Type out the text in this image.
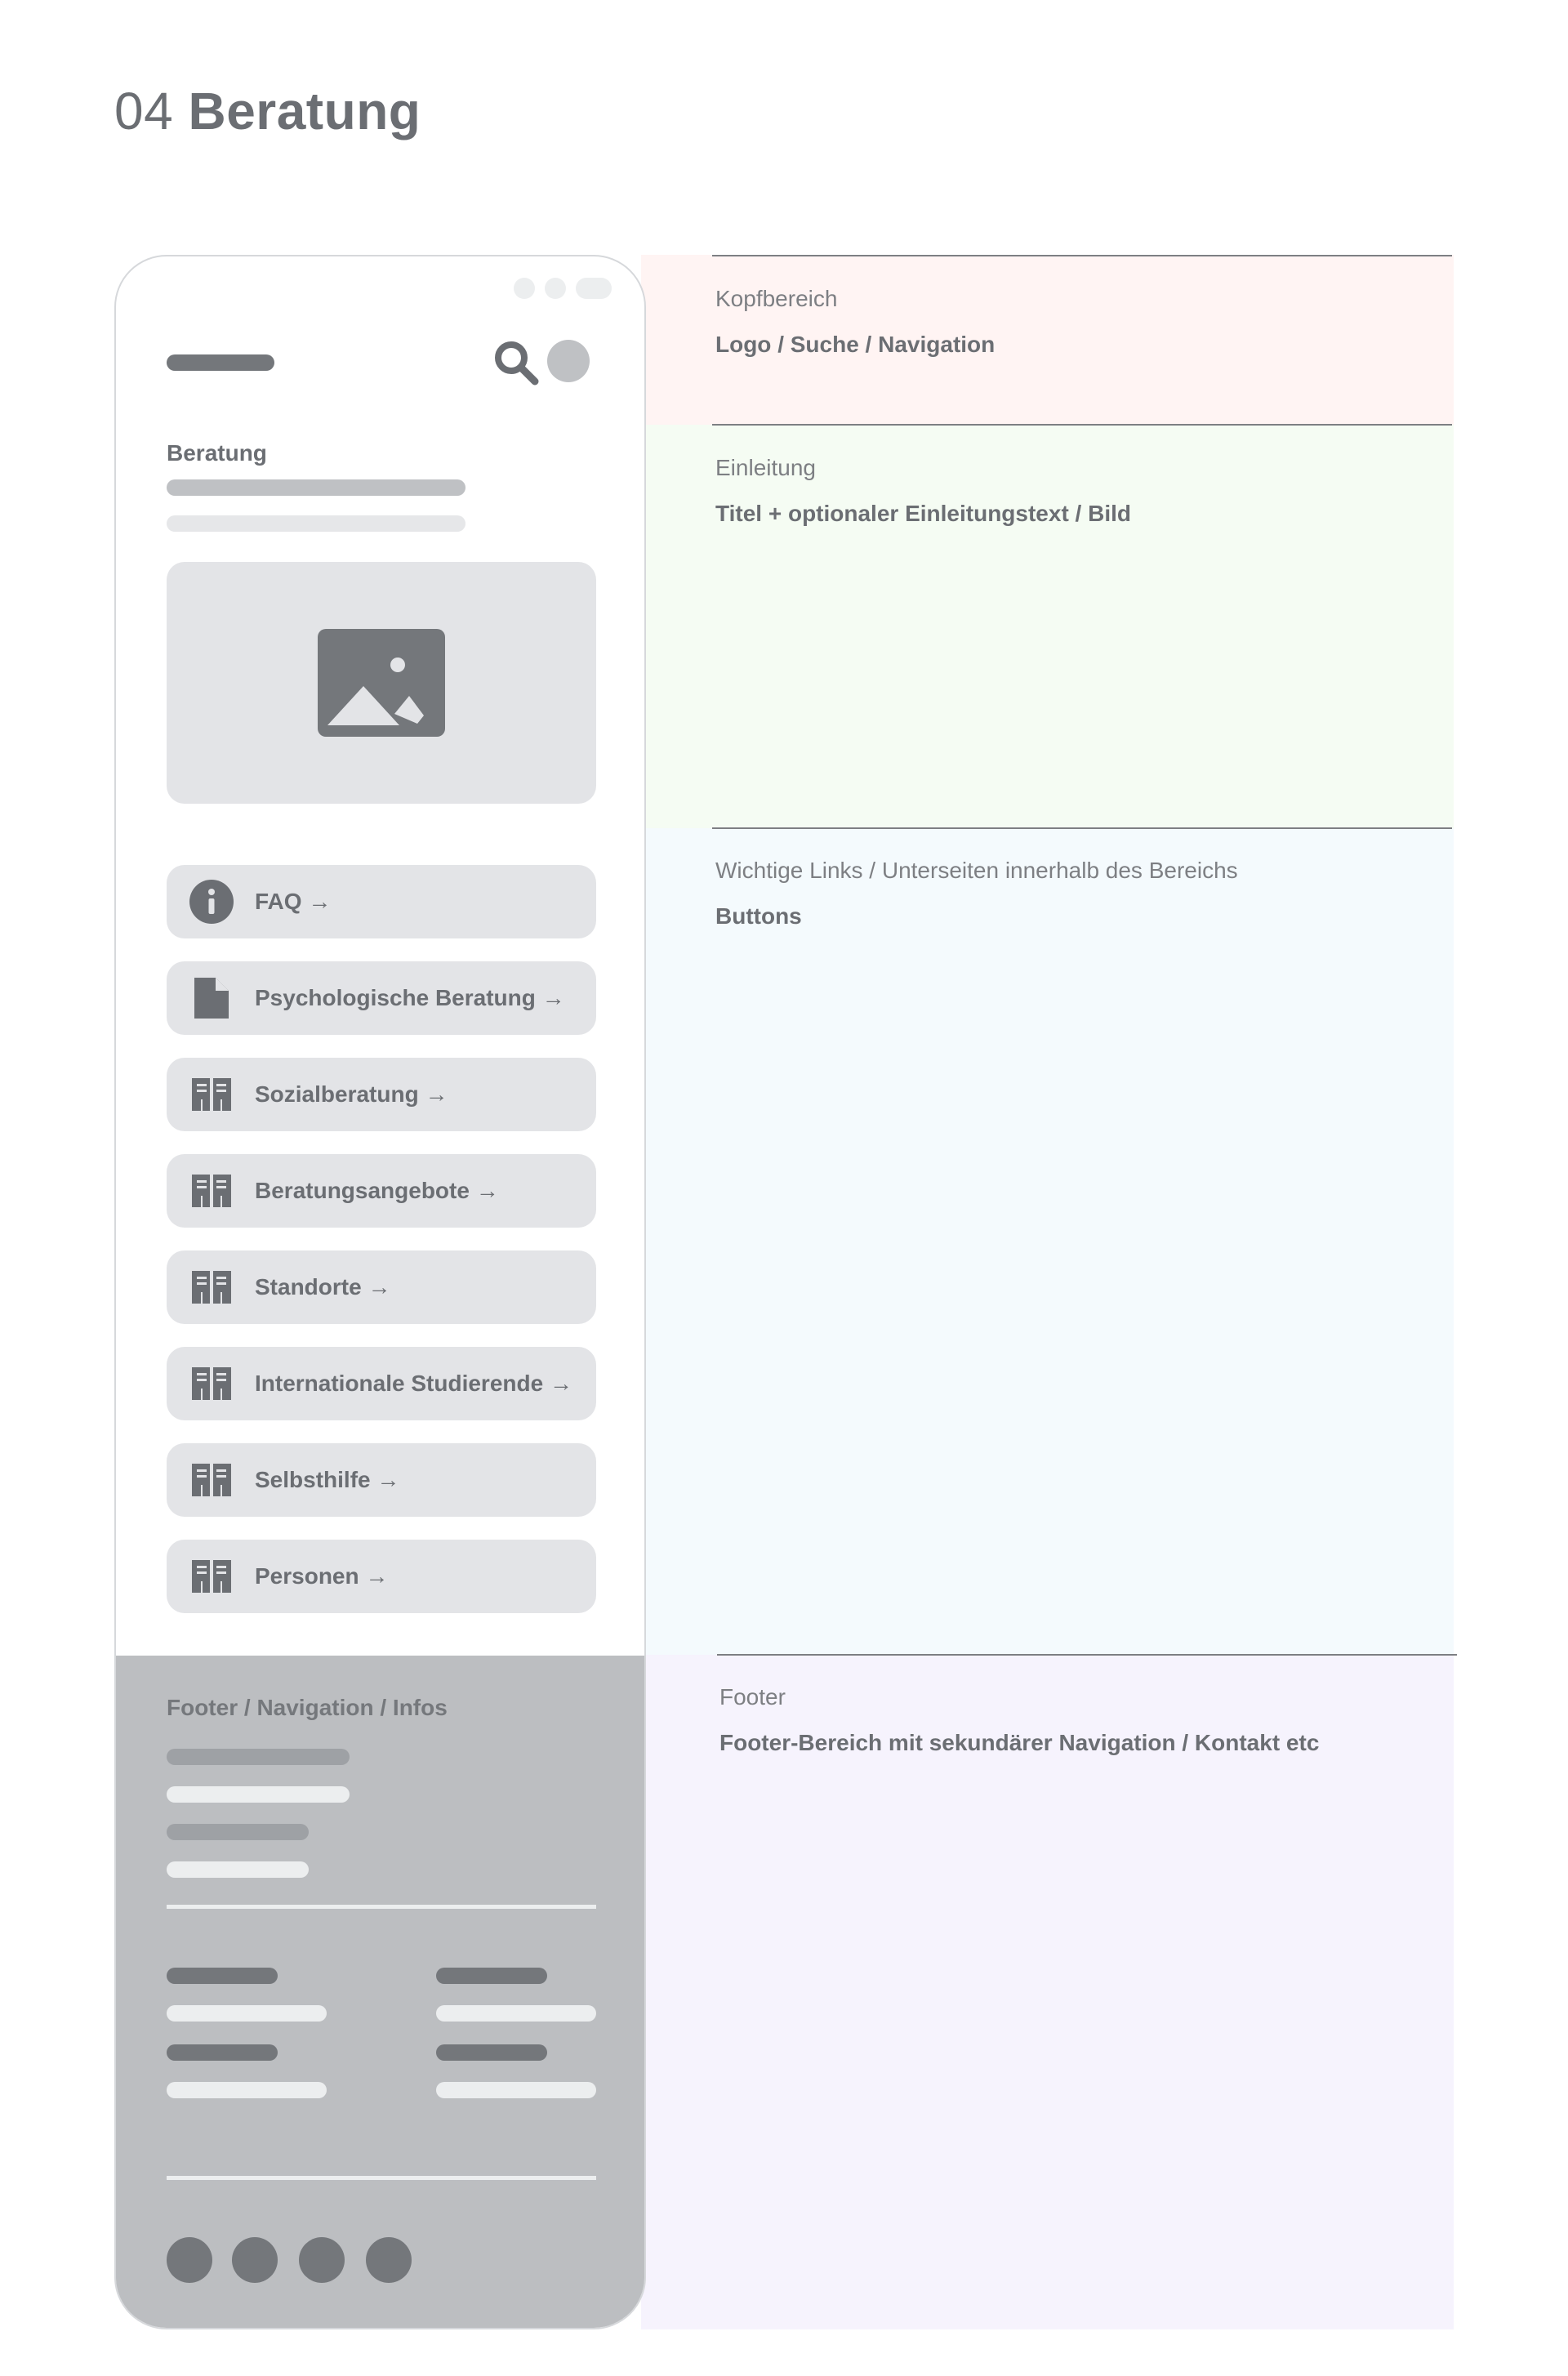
04 Beratung
Kopfbereich
Logo / Suche / Navigation
Einleitung
Titel + optionaler Einleitungstext / Bild
Wichtige Links / Unterseiten innerhalb des Bereichs
Buttons
Footer
Footer-Bereich mit sekundärer Navigation / Kontakt etc
Beratung
FAQ →
Psychologische Beratung →
Sozialberatung →
Beratungsangebote →
Standorte →
Internationale Studierende →
Selbsthilfe →
Personen →
Footer / Navigation / Infos
